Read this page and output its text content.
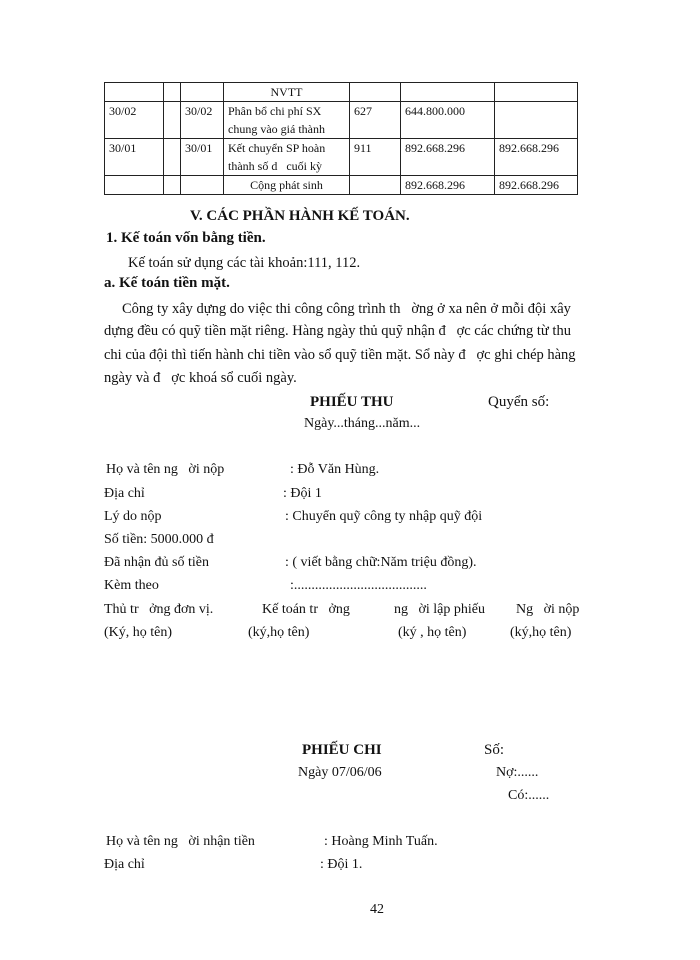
			NVTT			
30/02		30/02	Phân bổ chi phí SX
chung vào giá thành	627	644.800.000	
30/01		30/01	Kết chuyển SP hoàn
thành số d   cuối kỳ	911	892.668.296	892.668.296
			Cộng phát sinh		892.668.296	892.668.296
V. CÁC PHẦN HÀNH KẾ TOÁN.
1. Kế toán vốn bằng tiền.
Kế toán sử dụng các tài khoản:111, 112.
a. Kế toán tiền mặt.
Công ty xây dựng do việc thi công công trình th   ờng ở xa nên ở mỗi đội xây
dựng đều có quỹ tiền mặt riêng. Hàng ngày thủ quỹ nhận đ   ợc các chứng từ thu
chi của đội thì tiến hành chi tiền vào sổ quỹ tiền mặt. Sổ này đ   ợc ghi chép hàng
ngày và đ   ợc khoá sổ cuối ngày.
PHIẾU THU	Quyển số:
Ngày...tháng...năm...
Họ và tên ng   ời nộp	: Đỗ Văn Hùng.
Địa chỉ	: Đội 1
Lý do nộp	: Chuyển quỹ công ty nhập quỹ đội
Số tiền: 5000.000 đ
Đã nhận đủ số tiền	: ( viết bằng chữ:Năm triệu đồng).
Kèm theo	:......................................
Thủ tr   ởng đơn vị.	Kế toán tr   ởng	ng   ời lập phiếu Ng   ời nộp
(Ký, họ tên)	(ký,họ tên)	(ký , họ tên)	(ký,họ tên)
PHIẾU CHI	Số:
Ngày 07/06/06	Nợ:......
Có:......
Họ và tên ng   ời nhận tiền	: Hoàng Minh Tuấn.
Địa chỉ	: Đội 1.
42
